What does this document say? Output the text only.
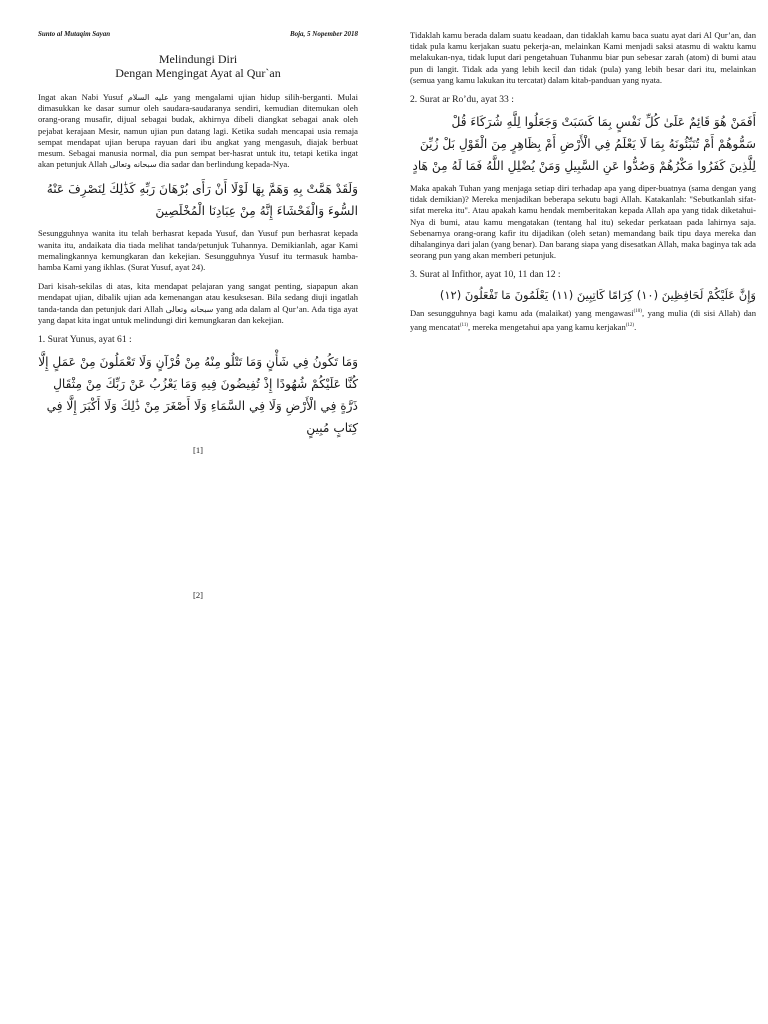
Sunto al Mutaqim Sayan	Boja, 5 Nopember 2018
Melindungi Diri
Dengan Mengingat Ayat al Qur`an

Ingat akan Nabi Yusuf عليه السلام yang mengalami ujian hidup silih-berganti. Mulai dimasukkan ke dasar sumur oleh saudara-saudaranya sendiri, kemudian ditemukan oleh orang-orang musafir, dijual sebagai budak, akhirnya dibeli diangkat sebagai anak oleh pejabat kerajaan Mesir, namun ujian pun datang lagi. Ketika sudah mencapai usia remaja sempat mendapat ujian berupa rayuan dari ibu angkat yang mengasuh, diajak berbuat mesum. Sebagai manusia normal, dia pun sempat ber-hasrat untuk itu, tetapi ketika ingat akan petunjuk Allah سبحانه وتعالى dia sadar dan berlindung kepada-Nya.

وَلَقَدْ هَمَّتْ بِهِ وَهَمَّ بِهَا لَوْلَا أَنْ رَأَى بُرْهَانَ رَبِّهِ كَذَٰلِكَ لِنَصْرِفَ عَنْهُ السُّوءَ وَالْفَحْشَاءَ إِنَّهُ مِنْ عِبَادِنَا الْمُخْلَصِينَ

Sesungguhnya wanita itu telah berhasrat kepada Yusuf, dan Yusuf pun berhasrat kepada wanita itu, andaikata dia tiada melihat tanda/petunjuk Tuhannya. Demikianlah, agar Kami memalingkannya kemungkaran dan kekejian. Sesungguhnya Yusuf itu termasuk hamba-hamba Kami yang ikhlas. (Surat Yusuf, ayat 24).

Dari kisah-sekilas di atas, kita mendapat pelajaran yang sangat penting, siapapun akan mendapat ujian, dibalik ujian ada kemenangan atau kesuksesan. Bila sedang diuji ingatlah tanda-tanda dan petunjuk dari Allah سبحانه وتعالى yang ada dalam al Qur’an. Ada tiga ayat yang dapat kita ingat untuk melindungi diri kemungkaran dan kekejian.

1. Surat Yunus, ayat 61 :
وَمَا تَكُونُ فِي شَأْنٍ وَمَا تَتْلُو مِنْهُ مِنْ قُرْآنٍ وَلَا تَعْمَلُونَ مِنْ عَمَلٍ إِلَّا كُنَّا عَلَيْكُمْ شُهُودًا إِذْ تُفِيضُونَ فِيهِ وَمَا يَعْزُبُ عَنْ رَبِّكَ مِنْ مِثْقَالِ ذَرَّةٍ فِي الْأَرْضِ وَلَا فِي السَّمَاءِ وَلَا أَصْغَرَ مِنْ ذَٰلِكَ وَلَا أَكْبَرَ إِلَّا فِي كِتَابٍ مُبِينٍ
[1]
[2]

Tidaklah kamu berada dalam suatu keadaan, dan tidaklah kamu baca suatu ayat dari Al Qur’an, dan tidak pula kamu kerjakan suatu pekerja-an, melainkan Kami menjadi saksi atasmu di waktu kamu melakukan-nya, tidak luput dari pengetahuan Tuhanmu biar pun sebesar zarah (atom) di bumi atau pun di langit. Tidak ada yang lebih kecil dan tidak (pula) yang lebih besar dari itu, melainkan (semua yang kamu lakukan itu tercatat) dalam kitab-panduan yang nyata.

2. Surat ar Ro’du, ayat 33 :
أَفَمَنْ هُوَ قَائِمٌ عَلَىٰ كُلِّ نَفْسٍ بِمَا كَسَبَتْ وَجَعَلُوا لِلَّهِ شُرَكَاءَ قُلْ سَمُّوهُمْ أَمْ تُنَبِّئُونَهُ بِمَا لَا يَعْلَمُ فِي الْأَرْضِ أَمْ بِظَاهِرٍ مِنَ الْقَوْلِ بَلْ زُيِّنَ لِلَّذِينَ كَفَرُوا مَكْرُهُمْ وَصُدُّوا عَنِ السَّبِيلِ وَمَنْ يُضْلِلِ اللَّهُ فَمَا لَهُ مِنْ هَادٍ

Maka apakah Tuhan yang menjaga setiap diri terhadap apa yang diper-buatnya (sama dengan yang tidak demikian)? Mereka menjadikan beberapa sekutu bagi Allah. Katakanlah: "Sebutkanlah sifat-sifat mereka itu". Atau apakah kamu hendak memberitakan kepada Allah apa yang tidak diketahui-Nya di bumi, atau kamu mengatakan (tentang hal itu) sekedar perkataan pada lahirnya saja. Sebenarnya orang-orang kafir itu dijadikan (oleh setan) memandang baik tipu daya mereka dan dihalanginya dari jalan (yang benar). Dan barang siapa yang disesatkan Allah, maka baginya tak ada seorang pun yang akan memberi petunjuk.

3. Surat al Infithor, ayat 10, 11 dan 12 :
وَإِنَّ عَلَيْكُمْ لَحَافِظِينَ (١٠) كِرَامًا كَاتِبِينَ (١١) يَعْلَمُونَ مَا تَفْعَلُونَ (١٢)

Dan sesungguhnya bagi kamu ada (malaikat) yang mengawasi$^{(10)}$, yang mulia (di sisi Allah) dan yang mencatat$^{(11)}$, mereka mengetahui apa yang kamu kerjakan$^{(12)}$.
